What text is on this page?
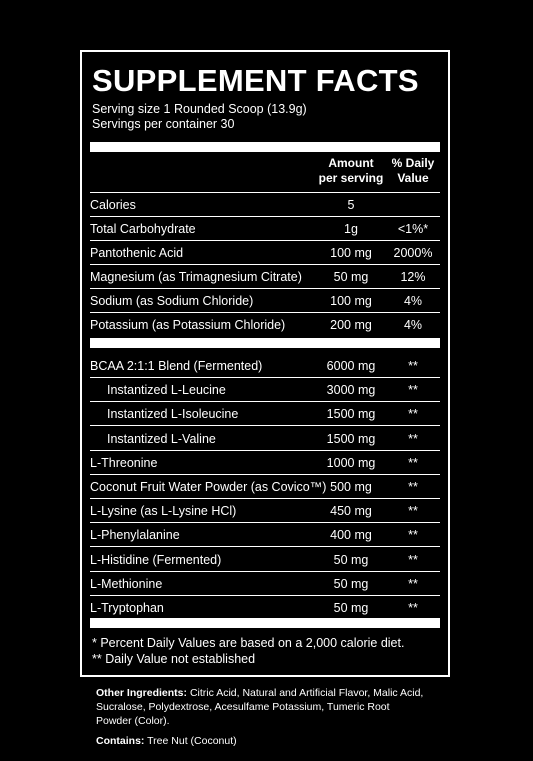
SUPPLEMENT FACTS
Serving size 1 Rounded Scoop (13.9g)
Servings per container 30
Amount
per serving
% Daily
Value
Calories	5
Total Carbohydrate	1g	<1%*
Pantothenic Acid	100 mg	2000%
Magnesium (as Trimagnesium Citrate)	50 mg	12%
Sodium (as Sodium Chloride)	100 mg	4%
Potassium (as Potassium Chloride)	200 mg	4%
BCAA 2:1:1 Blend (Fermented)	6000 mg	**
Instantized L-Leucine	3000 mg	**
Instantized L-Isoleucine	1500 mg	**
Instantized L-Valine	1500 mg	**
L-Threonine	1000 mg	**
Coconut Fruit Water Powder (as Covico™) 500 mg	**
L-Lysine (as L-Lysine HCl)	450 mg	**
L-Phenylalanine	400 mg	**
L-Histidine (Fermented)	50 mg	**
L-Methionine	50 mg	**
L-Tryptophan	50 mg	**
* Percent Daily Values are based on a 2,000 calorie diet.
** Daily Value not established
Other Ingredients: Citric Acid, Natural and Artificial Flavor, Malic Acid, Sucralose, Polydextrose, Acesulfame Potassium, Tumeric Root Powder (Color).
Contains: Tree Nut (Coconut)
